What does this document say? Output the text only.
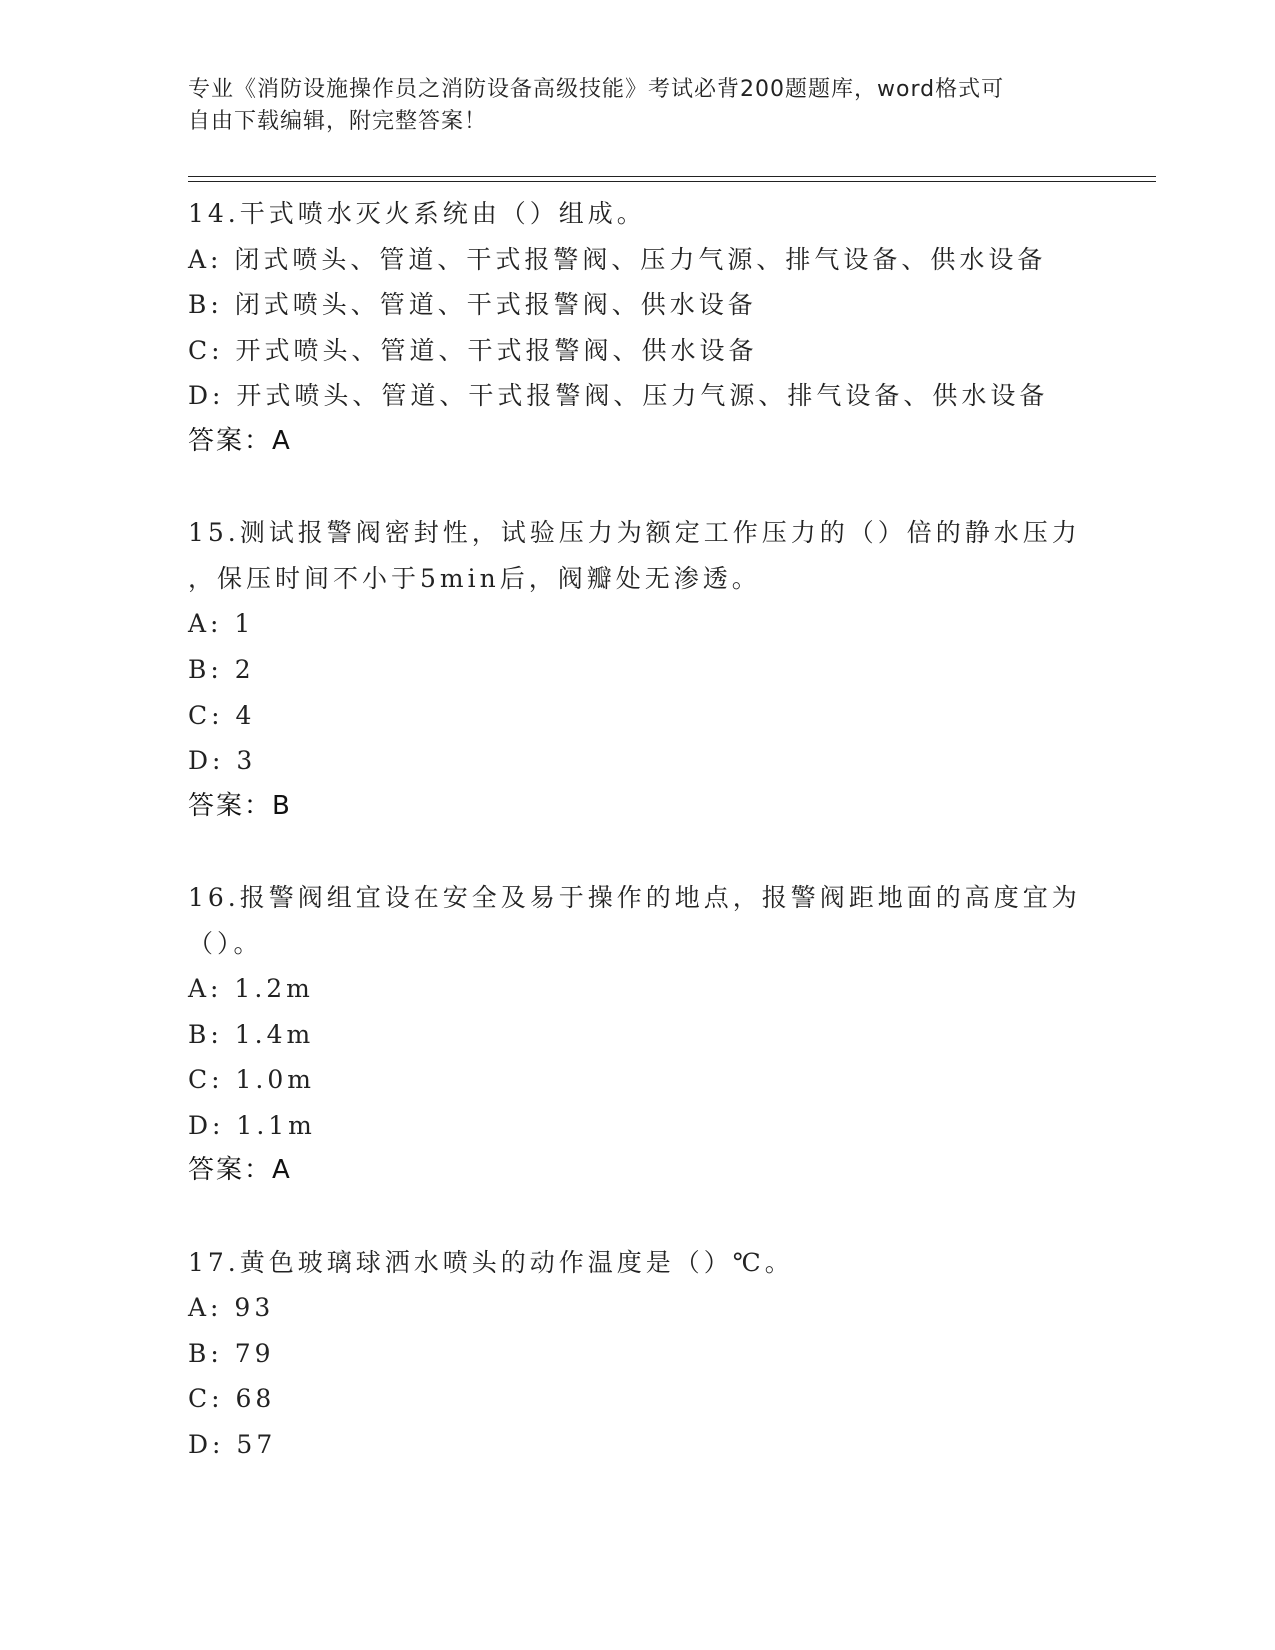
专业《消防设施操作员之消防设备高级技能》考试必背200题题库，word格式可
自由下载编辑，附完整答案！
14.干式喷水灭火系统由（）组成。
A: 闭式喷头、管道、干式报警阀、压力气源、排气设备、供水设备
B: 闭式喷头、管道、干式报警阀、供水设备
C: 开式喷头、管道、干式报警阀、供水设备
D: 开式喷头、管道、干式报警阀、压力气源、排气设备、供水设备
答案：A
15.测试报警阀密封性，试验压力为额定工作压力的（）倍的静水压力
，保压时间不小于5min后，阀瓣处无渗透。
A: 1
B: 2
C: 4
D: 3
答案：B
16.报警阀组宜设在安全及易于操作的地点，报警阀距地面的高度宜为
（）。
A: 1.2m
B: 1.4m
C: 1.0m
D: 1.1m
答案：A
17.黄色玻璃球洒水喷头的动作温度是（）℃。
A: 93
B: 79
C: 68
D: 57
